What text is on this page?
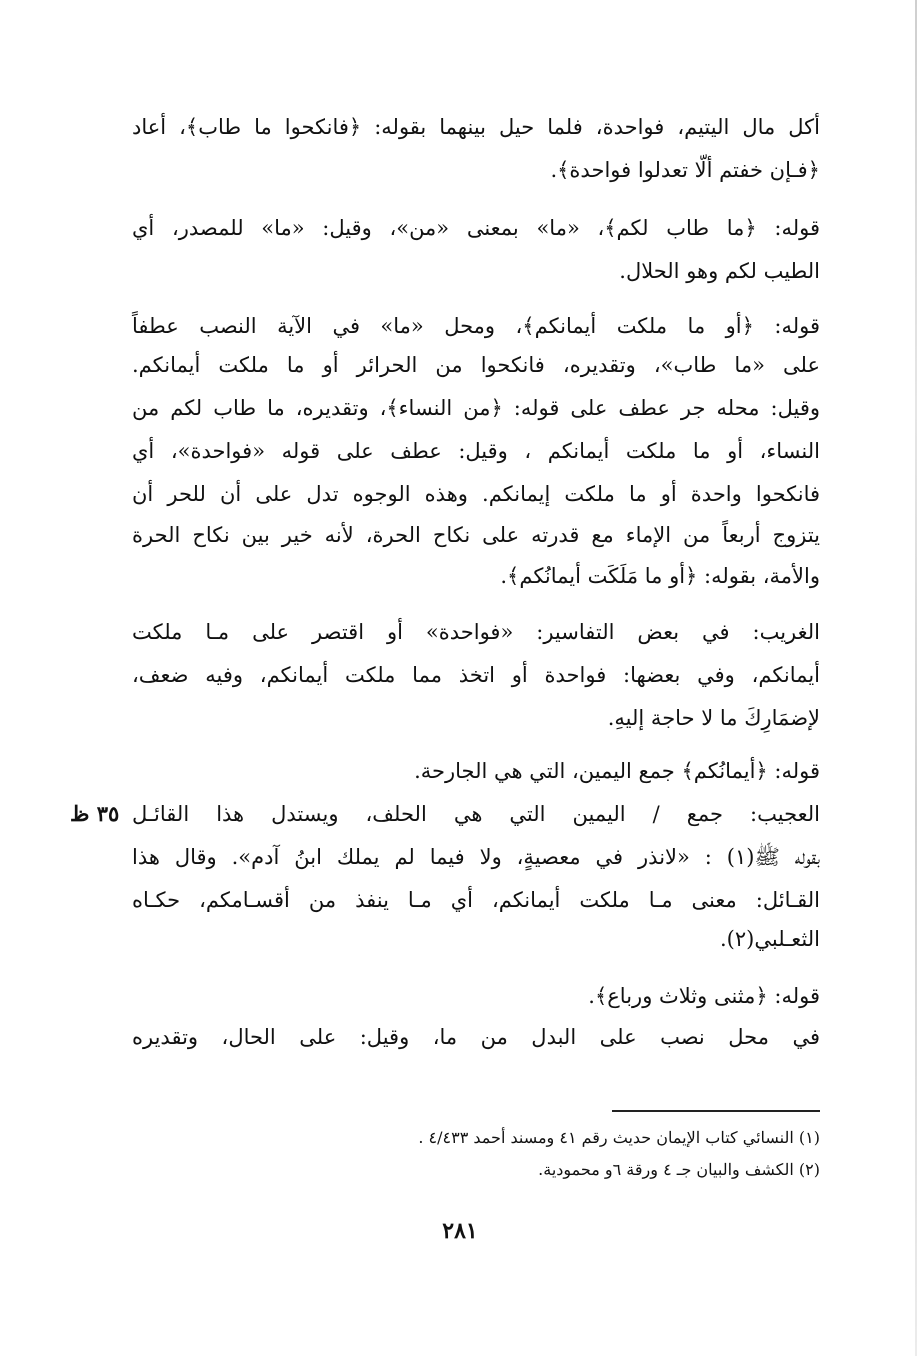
أكل مال اليتيم، فواحدة، فلما حيل بينهما بقوله: ﴿فانكحوا ما طاب﴾، أعاد
﴿فـإن خفتم ألّا تعدلوا فواحدة﴾.
قوله: ﴿ما طاب لكم﴾، «ما» بمعنى «من»، وقيل: «ما» للمصدر، أي
الطيب لكم وهو الحلال.
قوله: ﴿أو ما ملكت أيمانكم﴾، ومحل «ما» في الآية النصب عطفاً
على «ما طاب»، وتقديره، فانكحوا من الحرائر أو ما ملكت أيمانكم.
وقيل: محله جر عطف على قوله: ﴿من النساء﴾، وتقديره، ما طاب لكم من
النساء، أو ما ملكت أيمانكم ، وقيل: عطف على قوله «فواحدة»، أي
فانكحوا واحدة أو ما ملكت إيمانكم. وهذه الوجوه تدل على أن للحر أن
يتزوج أربعاً من الإماء مع قدرته على نكاح الحرة، لأنه خير بين نكاح الحرة
والأمة، بقوله: ﴿أو ما مَلَكَت أيمانُكم﴾.
الغريب: في بعض التفاسير: «فواحدة» أو اقتصر على مـا ملكت
أيمانكم، وفي بعضها: فواحدة أو اتخذ مما ملكت أيمانكم، وفيه ضعف،
لإضمَارِكَ ما لا حاجة إليهِ.
قوله: ﴿أيمانُكم﴾ جمع اليمين، التي هي الجارحة.
العجيب: جمع / اليمين التي هي الحلف، ويستدل هذا القائـل
٣٥ ظ
بقوله ﷺ(١) : «لانذر في معصيةٍ، ولا فيما لم يملك ابنُ آدم». وقال هذا
القـائل: معنى مـا ملكت أيمانكم، أي مـا ينفذ من أقسـامكم، حكـاه
الثعـلبي(٢).
قوله: ﴿مثنى وثلاث ورباع﴾.
في محل نصب على البدل من ما، وقيل: على الحال، وتقديره
(١) النسائي كتاب الإيمان حديث رقم ٤١ ومسند أحمد ٤/٤٣٣ .
(٢) الكشف والبيان جـ ٤ ورقة ٦و محمودية.
٢٨١
